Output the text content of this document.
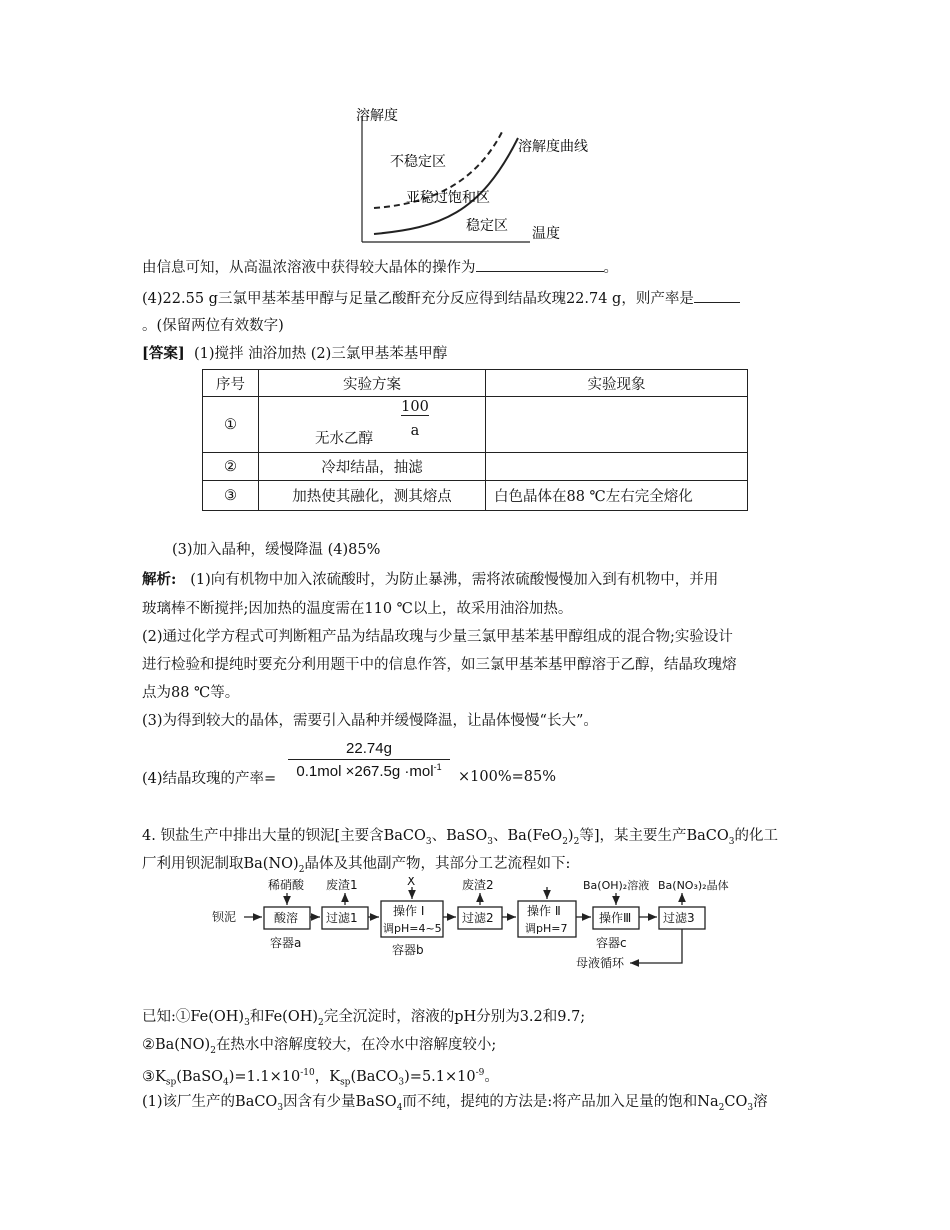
溶解度
不稳定区
亚稳过饱和区
稳定区
溶解度曲线
温度
由信息可知，从高温浓溶液中获得较大晶体的操作为	。
(4)22.55 g三氯甲基苯基甲醇与足量乙酸酐充分反应得到结晶玫瑰22.74 g，则产率是
。(保留两位有效数字)
[答案] (1)搅拌 油浴加热 (2)三氯甲基苯基甲醇
序号	实验方案	实验现象
①	无水乙醇
100
a	

②	冷却结晶，抽滤	
③	加热使其融化，测其熔点	白色晶体在88 ℃左右完全熔化
(3)加入晶种，缓慢降温 (4)85%
解析: (1)向有机物中加入浓硫酸时，为防止暴沸，需将浓硫酸慢慢加入到有机物中，并用
玻璃棒不断搅拌;因加热的温度需在110 ℃以上，故采用油浴加热。
(2)通过化学方程式可判断粗产品为结晶玫瑰与少量三氯甲基苯基甲醇组成的混合物;实验设计
进行检验和提纯时要充分利用题干中的信息作答，如三氯甲基苯基甲醇溶于乙醇，结晶玫瑰熔
点为88 ℃等。
(3)为得到较大的晶体，需要引入晶种并缓慢降温，让晶体慢慢“长大”。
(4)结晶玫瑰的产率=
22.74g
0.1mol ×267.5g ·mol$^{-1}$
×100%=85%
4. 钡盐生产中排出大量的钡泥[主要含BaCO$_3$、BaSO$_3$、$Ba(FeO_2)_2$等]，某主要生产BaCO$_3$的化工
厂利用钡泥制取$Ba(NO)_2$晶体及其他副产物，其部分工艺流程如下:
钡泥
稀硝酸
酸溶
容器a
废渣1
过滤1
X
操作 Ⅰ
调pH=4~5
容器b
废渣2
过滤2	操作 Ⅱ
调pH=7
Ba(OH)₂溶液
操作Ⅲ
容器c
Ba(NO₃)₂晶体
过滤3
母液循环
已知$:①Fe(OH)_3$和$Fe(OH)_2$完全沉淀时，溶液的pH分别为3.2和9.7;
$②Ba(NO)_2$在热水中溶解度较大，在冷水中溶解度较小;
$③K_{sp}(BaSO_4)=1.1\times 10^{-10}$，$K_{sp}(BaCO_3)=5.1\times 10^{-9}$。
(1)该厂生产的BaCO$_3$因含有少量BaSO$_4$而不纯，提纯的方法是:将产品加入足量的饱和$Na_2CO_3$溶
